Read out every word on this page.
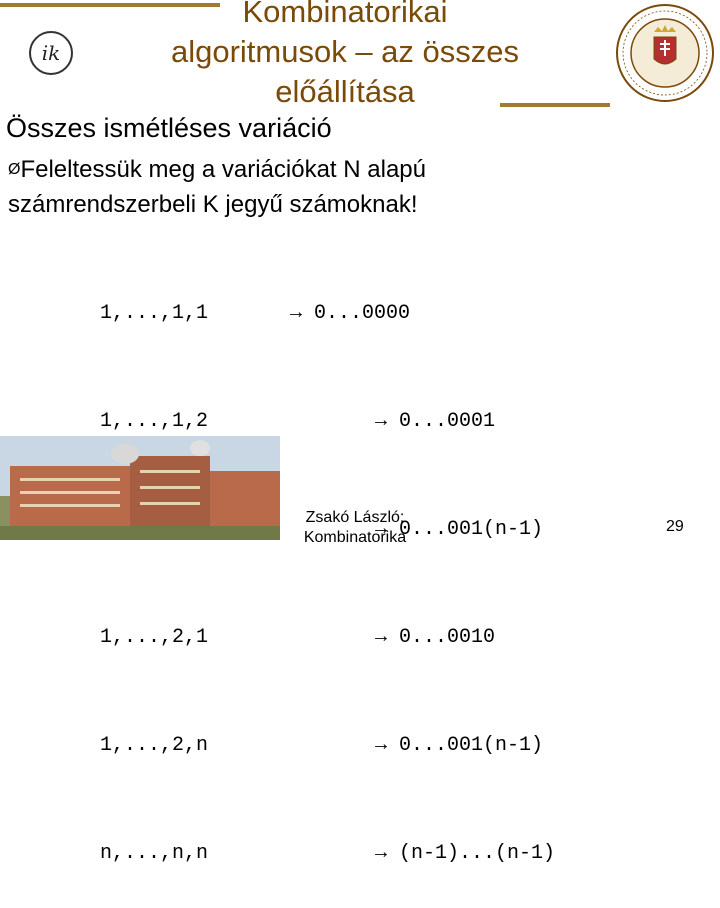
ik
Kombinatorikai
algoritmusok – az összes
előállítása
Összes ismétléses variáció
ØFeleltessük meg a variációkat N alapú
számrendszerbeli K jegyű számoknak!

1,...,1,1

1,...,1,2

1,...,2,1

1,...,2,n

n,...,n,n

→ 0...0000

→ 0...0001

→ 0...001(n-1)

→ 0...0010

→ 0...001(n-1)

→ (n-1)...(n-1)

Zsakó László:
Kombinatorika
29
